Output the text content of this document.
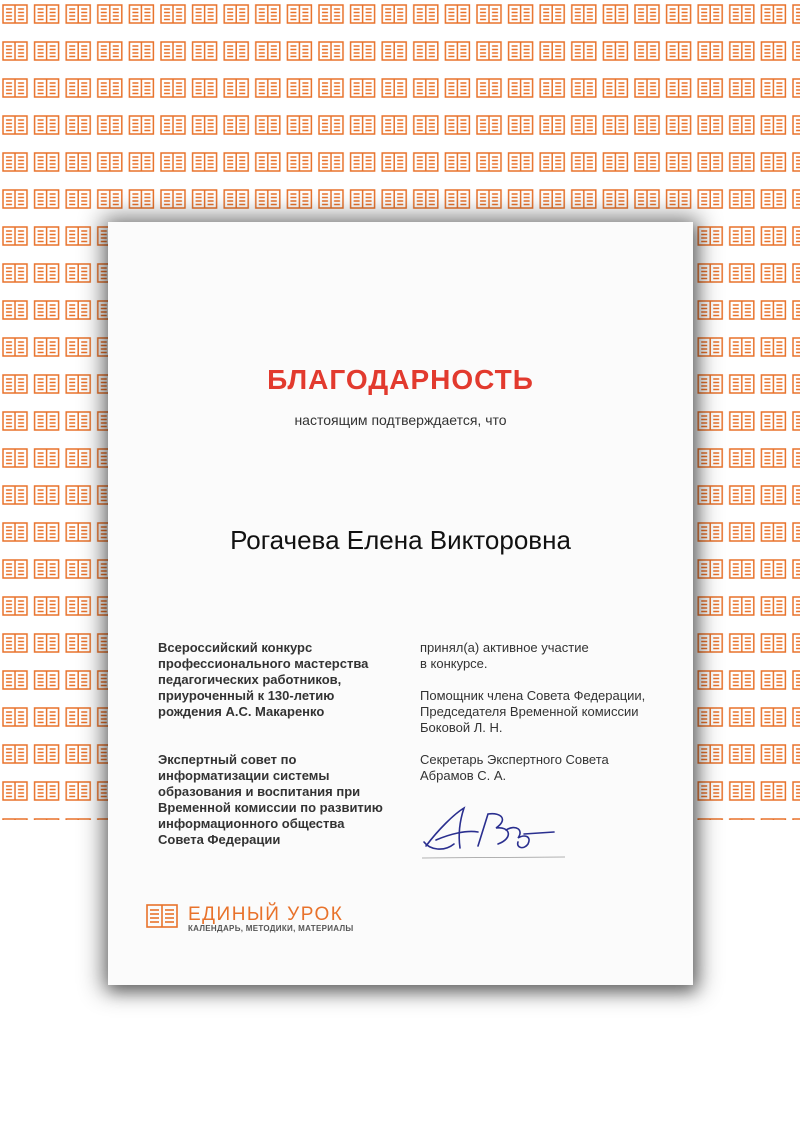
БЛАГОДАРНОСТЬ
настоящим подтверждается, что
Рогачева Елена Викторовна
Всероссийский конкурс
профессионального мастерства
педагогических работников,
приуроченный к 130-летию
рождения А.С. Макаренко
Экспертный совет по
информатизации системы
образования и воспитания при
Временной комиссии по развитию
информационного общества
Совета Федерации
принял(а) активное участие
в конкурсе.
Помощник члена Совета Федерации,
Председателя Временной комиссии
Боковой Л. Н.
Секретарь Экспертного Совета
Абрамов С. А.
ЕДИНЫЙ УРОК
КАЛЕНДАРЬ, МЕТОДИКИ, МАТЕРИАЛЫ
